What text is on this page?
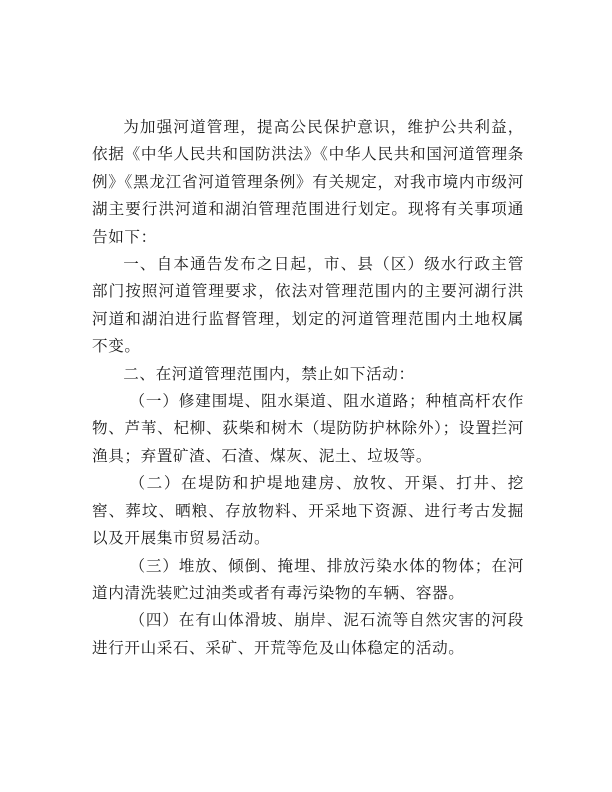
为加强河道管理，提高公民保护意识，维护公共利益，依据《中华人民共和国防洪法》《中华人民共和国河道管理条例》《黑龙江省河道管理条例》有关规定，对我市境内市级河湖主要行洪河道和湖泊管理范围进行划定。现将有关事项通告如下：

一、自本通告发布之日起，市、县（区）级水行政主管部门按照河道管理要求，依法对管理范围内的主要河湖行洪河道和湖泊进行监督管理，划定的河道管理范围内土地权属不变。

二、在河道管理范围内，禁止如下活动：

（一）修建围堤、阻水渠道、阻水道路；种植高杆农作物、芦苇、杞柳、荻柴和树木（堤防防护林除外）；设置拦河渔具；弃置矿渣、石渣、煤灰、泥土、垃圾等。

（二）在堤防和护堤地建房、放牧、开渠、打井、挖窖、葬坟、晒粮、存放物料、开采地下资源、进行考古发掘以及开展集市贸易活动。

（三）堆放、倾倒、掩埋、排放污染水体的物体；在河道内清洗装贮过油类或者有毒污染物的车辆、容器。

（四）在有山体滑坡、崩岸、泥石流等自然灾害的河段进行开山采石、采矿、开荒等危及山体稳定的活动。
